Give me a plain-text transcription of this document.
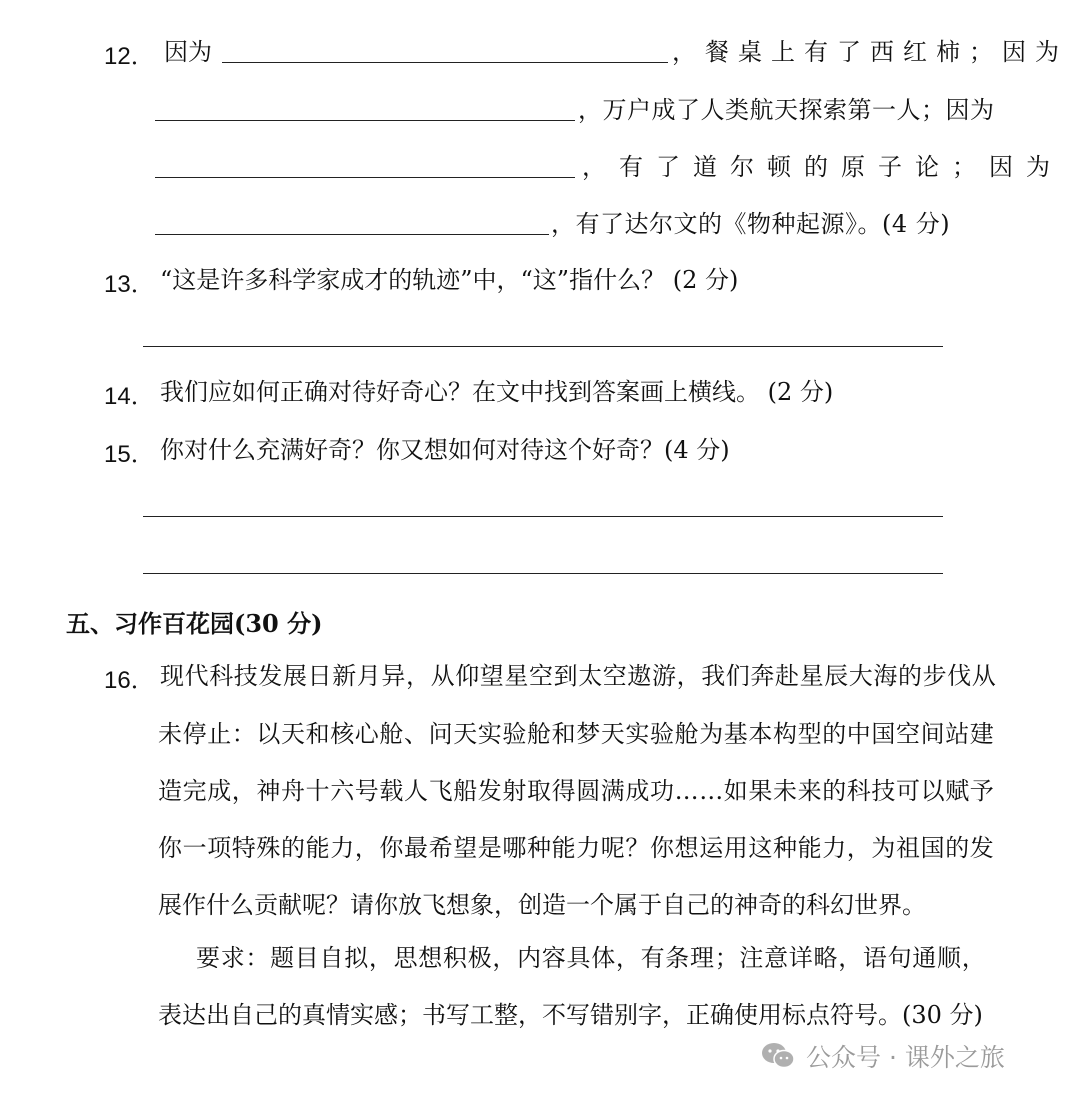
12． 因为	，餐桌上有了西红柿；因为
，万户成了人类航天探索第一人；因为
，有了道尔顿的原子论；因为
，有了达尔文的《物种起源》。(4 分)
13． “这是许多科学家成才的轨迹”中，“这”指什么？ (2 分)
14． 我们应如何正确对待好奇心？在文中找到答案画上横线。 (2 分)
15． 你对什么充满好奇？你又想如何对待这个好奇？(4 分)
五、习作百花园(30 分)
16． 现代科技发展日新月异，从仰望星空到太空遨游，我们奔赴星辰大海的步伐从
未停止：以天和核心舱、问天实验舱和梦天实验舱为基本构型的中国空间站建
造完成，神舟十六号载人飞船发射取得圆满成功……如果未来的科技可以赋予
你一项特殊的能力，你最希望是哪种能力呢？你想运用这种能力，为祖国的发
展作什么贡献呢？请你放飞想象，创造一个属于自己的神奇的科幻世界。
要求：题目自拟，思想积极，内容具体，有条理；注意详略，语句通顺，
表达出自己的真情实感；书写工整，不写错别字，正确使用标点符号。(30 分)
公众号 · 课外之旅
